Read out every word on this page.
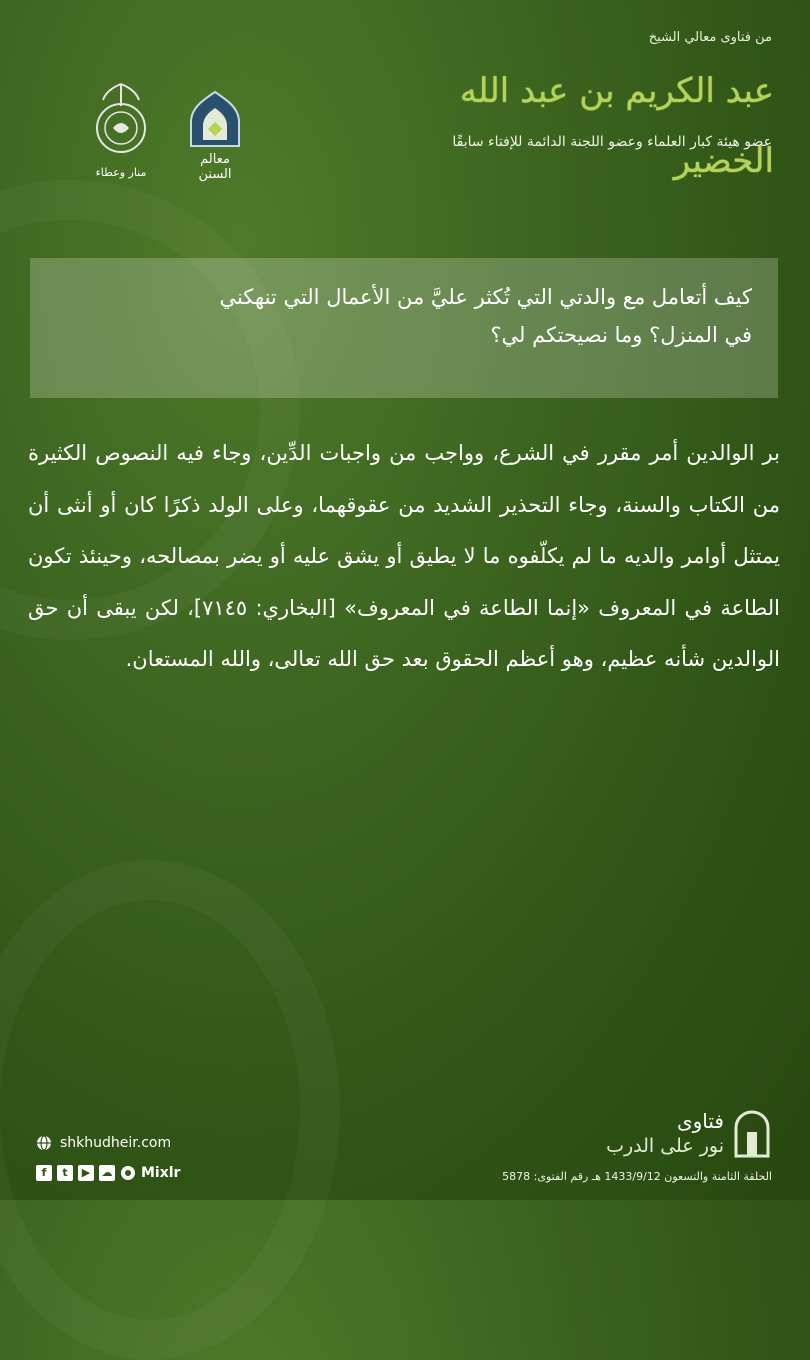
من فتاوى معالي الشيخ
عبد الكريم بن عبد الله الخضير
عضو هيئة كبار العلماء وعضو اللجنة الدائمة للإفتاء سابقًا
معالم السنن
منار وعطاء
كيف أتعامل مع والدتي التي تُكثر عليَّ من الأعمال التي تنهكني
في المنزل؟ وما نصيحتكم لي؟

بر الوالدين أمر مقرر في الشرع، وواجب من واجبات الدِّين، وجاء فيه النصوص الكثيرة من الكتاب والسنة، وجاء التحذير الشديد من عقوقهما، وعلى الولد ذكرًا كان أو أنثى أن يمتثل أوامر والديه ما لم يكلّفوه ما لا يطيق أو يشق عليه أو يضر بمصالحه، وحينئذ تكون الطاعة في المعروف «إنما الطاعة في المعروف» [البخاري: ٧١٤٥]، لكن يبقى أن حق الوالدين شأنه عظيم، وهو أعظم الحقوق بعد حق الله تعالى، والله المستعان.

shkhudheir.com
f	t	▶	☁ Mixlr
فتاوى
نور على الدرب
الحلقة الثامنة والتسعون 1433/9/12 هـ رقم الفتوى: 5878
